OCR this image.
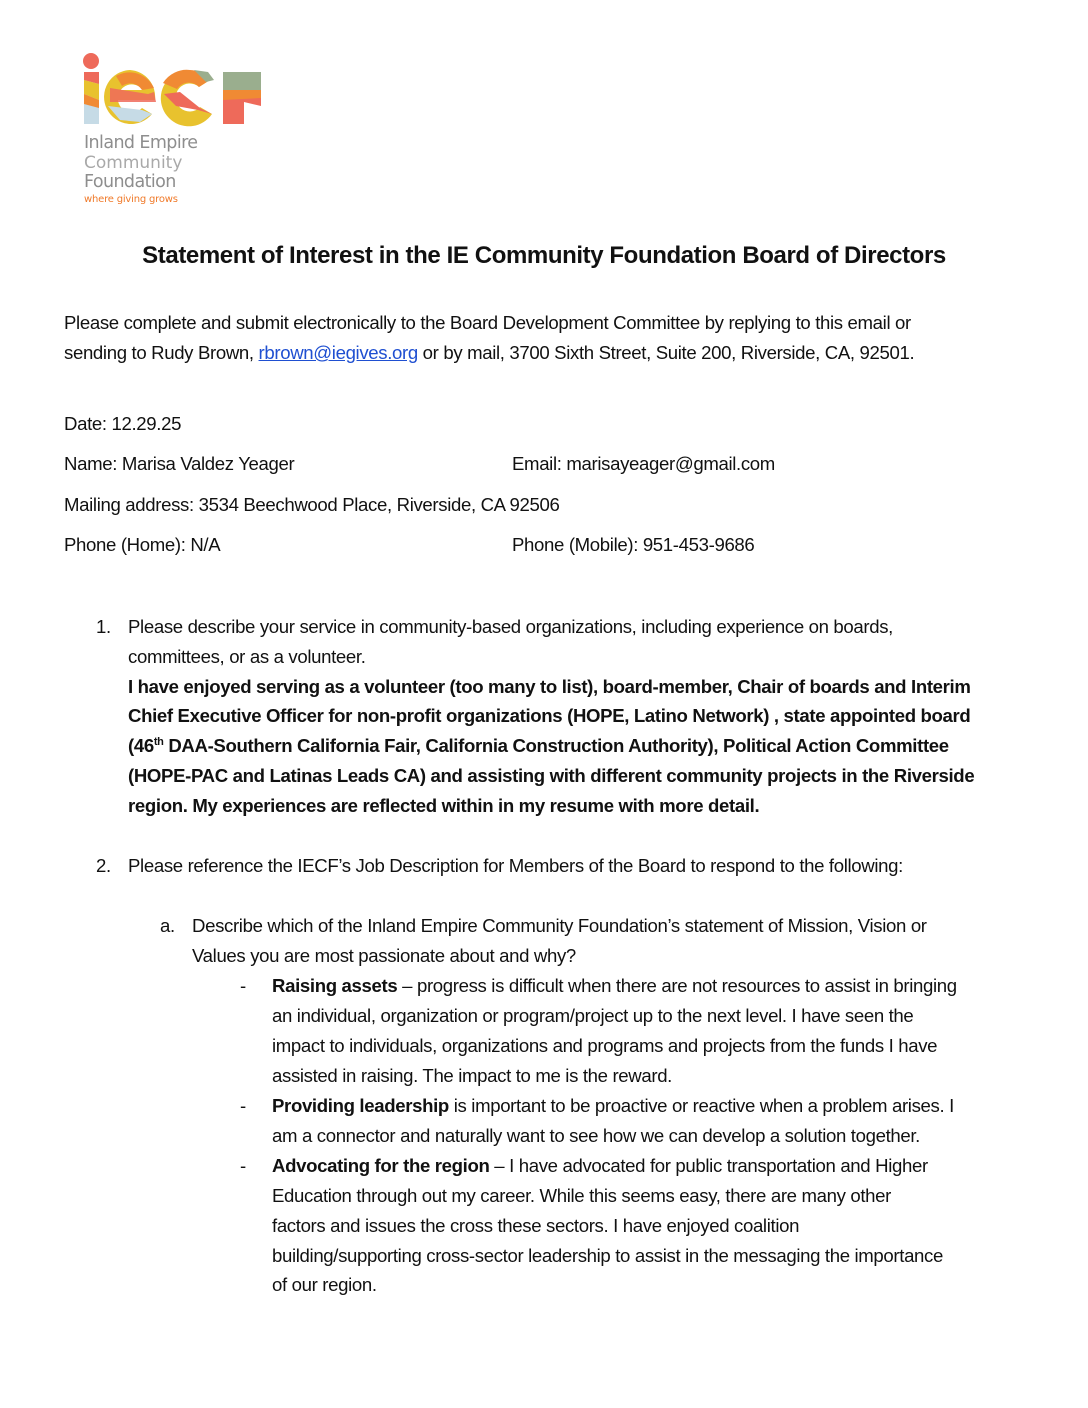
Inland Empire
Community
Foundation
where giving grows
Statement of Interest in the IE Community Foundation Board of Directors
Please complete and submit electronically to the Board Development Committee by replying to this email or
sending to Rudy Brown, rbrown@iegives.org or by mail, 3700 Sixth Street, Suite 200, Riverside, CA, 92501.
Date: 12.29.25
Name: Marisa Valdez Yeager	Email: marisayeager@gmail.com
Mailing address: 3534 Beechwood Place, Riverside, CA 92506
Phone (Home): N/A	Phone (Mobile): 951-453-9686
1. Please describe your service in community-based organizations, including experience on boards,
committees, or as a volunteer.
I have enjoyed serving as a volunteer (too many to list), board-member, Chair of boards and Interim
Chief Executive Officer for non-profit organizations (HOPE, Latino Network) , state appointed board
(46th DAA-Southern California Fair, California Construction Authority), Political Action Committee
(HOPE-PAC and Latinas Leads CA) and assisting with different community projects in the Riverside
region. My experiences are reflected within in my resume with more detail.
2. Please reference the IECF’s Job Description for Members of the Board to respond to the following:
a. Describe which of the Inland Empire Community Foundation’s statement of Mission, Vision or
Values you are most passionate about and why?
- Raising assets – progress is difficult when there are not resources to assist in bringing
an individual, organization or program/project up to the next level. I have seen the
impact to individuals, organizations and programs and projects from the funds I have
assisted in raising. The impact to me is the reward.
- Providing leadership is important to be proactive or reactive when a problem arises. I
am a connector and naturally want to see how we can develop a solution together.
- Advocating for the region – I have advocated for public transportation and Higher
Education through out my career. While this seems easy, there are many other
factors and issues the cross these sectors. I have enjoyed coalition
building/supporting cross-sector leadership to assist in the messaging the importance
of our region.
